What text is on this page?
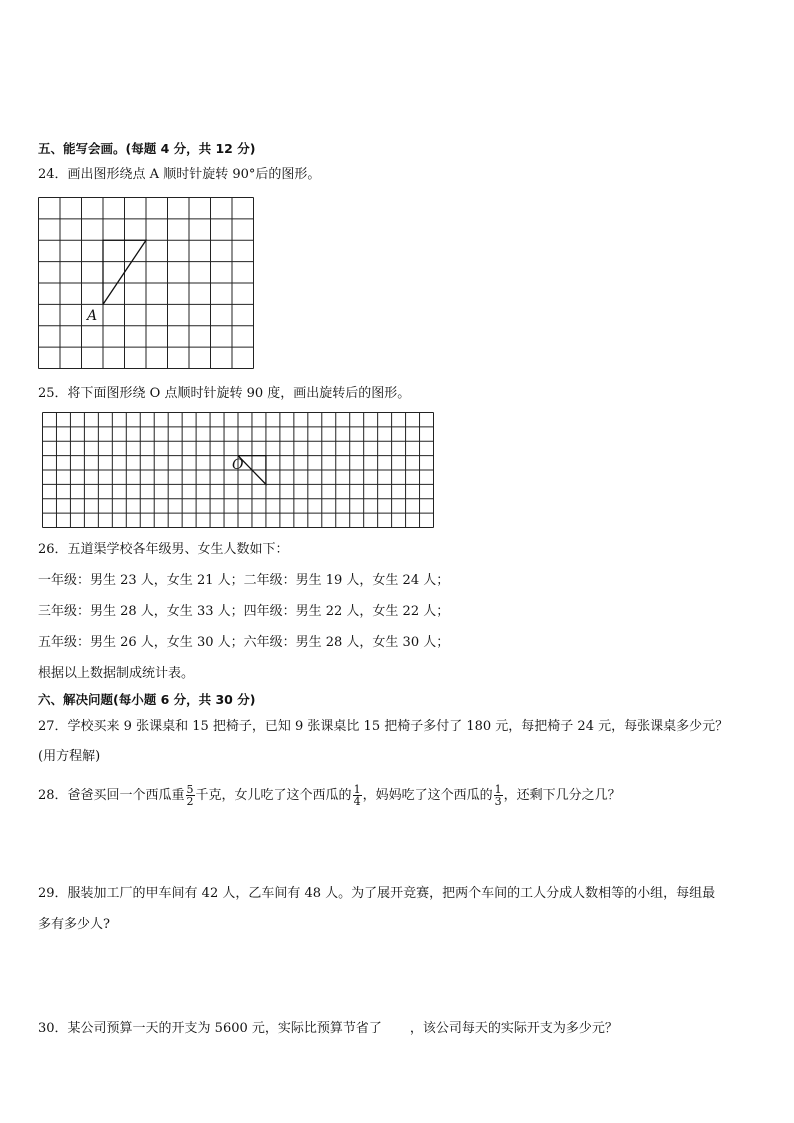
五、能写会画。(每题 4 分，共 12 分)
24．画出图形绕点 A 顺时针旋转 90°后的图形。
A
25．将下面图形绕 O 点顺时针旋转 90 度，画出旋转后的图形。
O
26．五道渠学校各年级男、女生人数如下：
一年级：男生 23 人，女生 21 人；二年级：男生 19 人，女生 24 人；
三年级：男生 28 人，女生 33 人；四年级：男生 22 人，女生 22 人；
五年级：男生 26 人，女生 30 人；六年级：男生 28 人，女生 30 人；
根据以上数据制成统计表。
六、解决问题(每小题 6 分，共 30 分)
27．学校买来 9 张课桌和 15 把椅子，已知 9 张课桌比 15 把椅子多付了 180 元，每把椅子 24 元，每张课桌多少元？
(用方程解)
28．爸爸买回一个西瓜重 $\frac{5}{2}$ 千克，女儿吃了这个西瓜的 $\frac{1}{4}$ ，妈妈吃了这个西瓜的 $\frac{1}{3}$ ，还剩下几分之几？
29．服装加工厂的甲车间有 42 人，乙车间有 48 人。为了展开竞赛，把两个车间的工人分成人数相等的小组，每组最
多有多少人?
30．某公司预算一天的开支为 5600 元，实际比预算节省了 ，该公司每天的实际开支为多少元？
